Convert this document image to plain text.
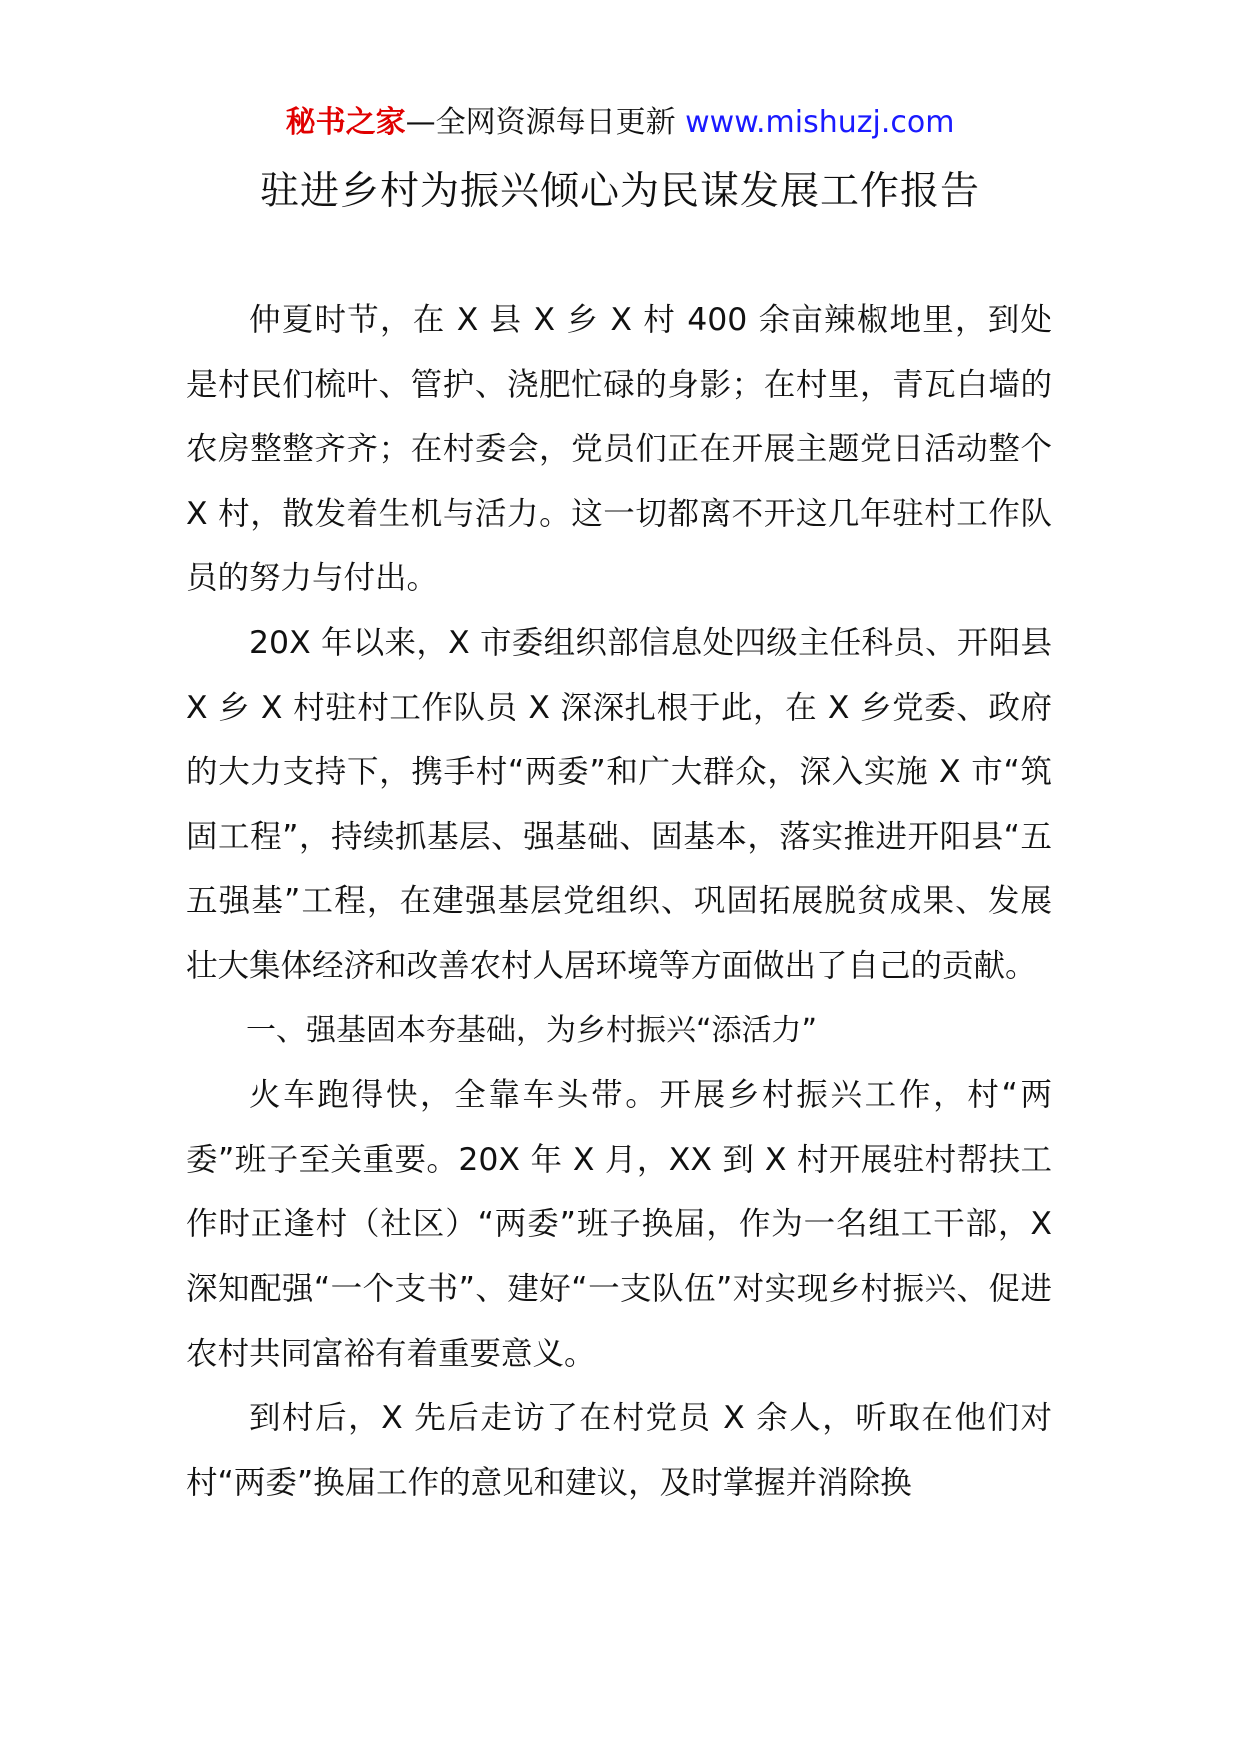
秘书之家—全网资源每日更新 www.mishuzj.com
驻进乡村为振兴倾心为民谋发展工作报告

仲夏时节，在 X 县 X 乡 X 村 400 余亩辣椒地里，到处是村民们梳叶、管护、浇肥忙碌的身影；在村里，青瓦白墙的农房整整齐齐；在村委会，党员们正在开展主题党日活动整个 X 村，散发着生机与活力。这一切都离不开这几年驻村工作队员的努力与付出。

20X 年以来，X 市委组织部信息处四级主任科员、开阳县 X 乡 X 村驻村工作队员 X 深深扎根于此，在 X 乡党委、政府的大力支持下，携手村“两委”和广大群众，深入实施 X 市“筑固工程”，持续抓基层、强基础、固基本，落实推进开阳县“五五强基”工程，在建强基层党组织、巩固拓展脱贫成果、发展壮大集体经济和改善农村人居环境等方面做出了自己的贡献。

一、强基固本夯基础，为乡村振兴“添活力”

火车跑得快，全靠车头带。开展乡村振兴工作，村“两委”班子至关重要。20X 年 X 月，XX 到 X 村开展驻村帮扶工作时正逢村（社区）“两委”班子换届，作为一名组工干部，X 深知配强“一个支书”、建好“一支队伍”对实现乡村振兴、促进农村共同富裕有着重要意义。

到村后，X 先后走访了在村党员 X 余人，听取在他们对村“两委”换届工作的意见和建议，及时掌握并消除换
